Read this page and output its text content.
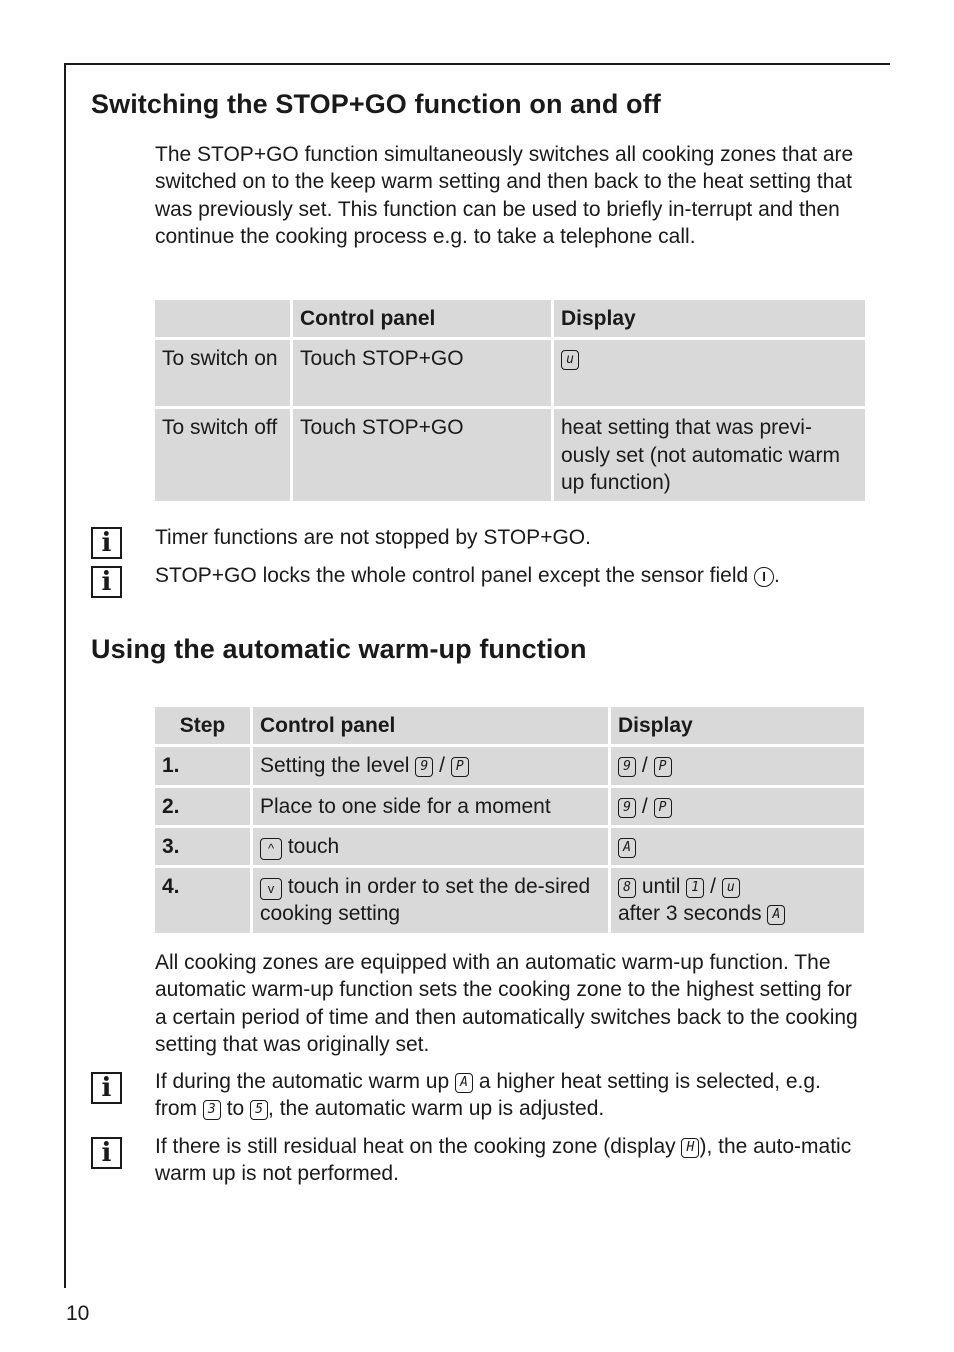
Switching the STOP+GO function on and off

The STOP+GO function simultaneously switches all cooking zones that are switched on to the keep warm setting and then back to the heat setting that was previously set. This function can be used to briefly in-terrupt and then continue the cooking process e.g. to take a telephone call.

	Control panel	Display
To switch on	Touch STOP+GO	u
To switch off	Touch STOP+GO	heat setting that was previ-ously set (not automatic warm up function)
i	Timer functions are not stopped by STOP+GO.

i	STOP+GO locks the whole control panel except the sensor field I .

Using the automatic warm-up function
Step	Control panel	Display
1.	Setting the level 9 / P	9 / P
2.	Place to one side for a moment	9 / P
3.	^ touch	A
4.	v touch in order to set the de-sired cooking setting	8 until 1 / u
after 3 seconds A

All cooking zones are equipped with an automatic warm-up function. The automatic warm-up function sets the cooking zone to the highest setting for a certain period of time and then automatically switches back to the cooking setting that was originally set.

i	If during the automatic warm up A a higher heat setting is selected, e.g. from 3 to 5 , the automatic warm up is adjusted.

i	If there is still residual heat on the cooking zone (display H ), the auto-matic warm up is not performed.

10
